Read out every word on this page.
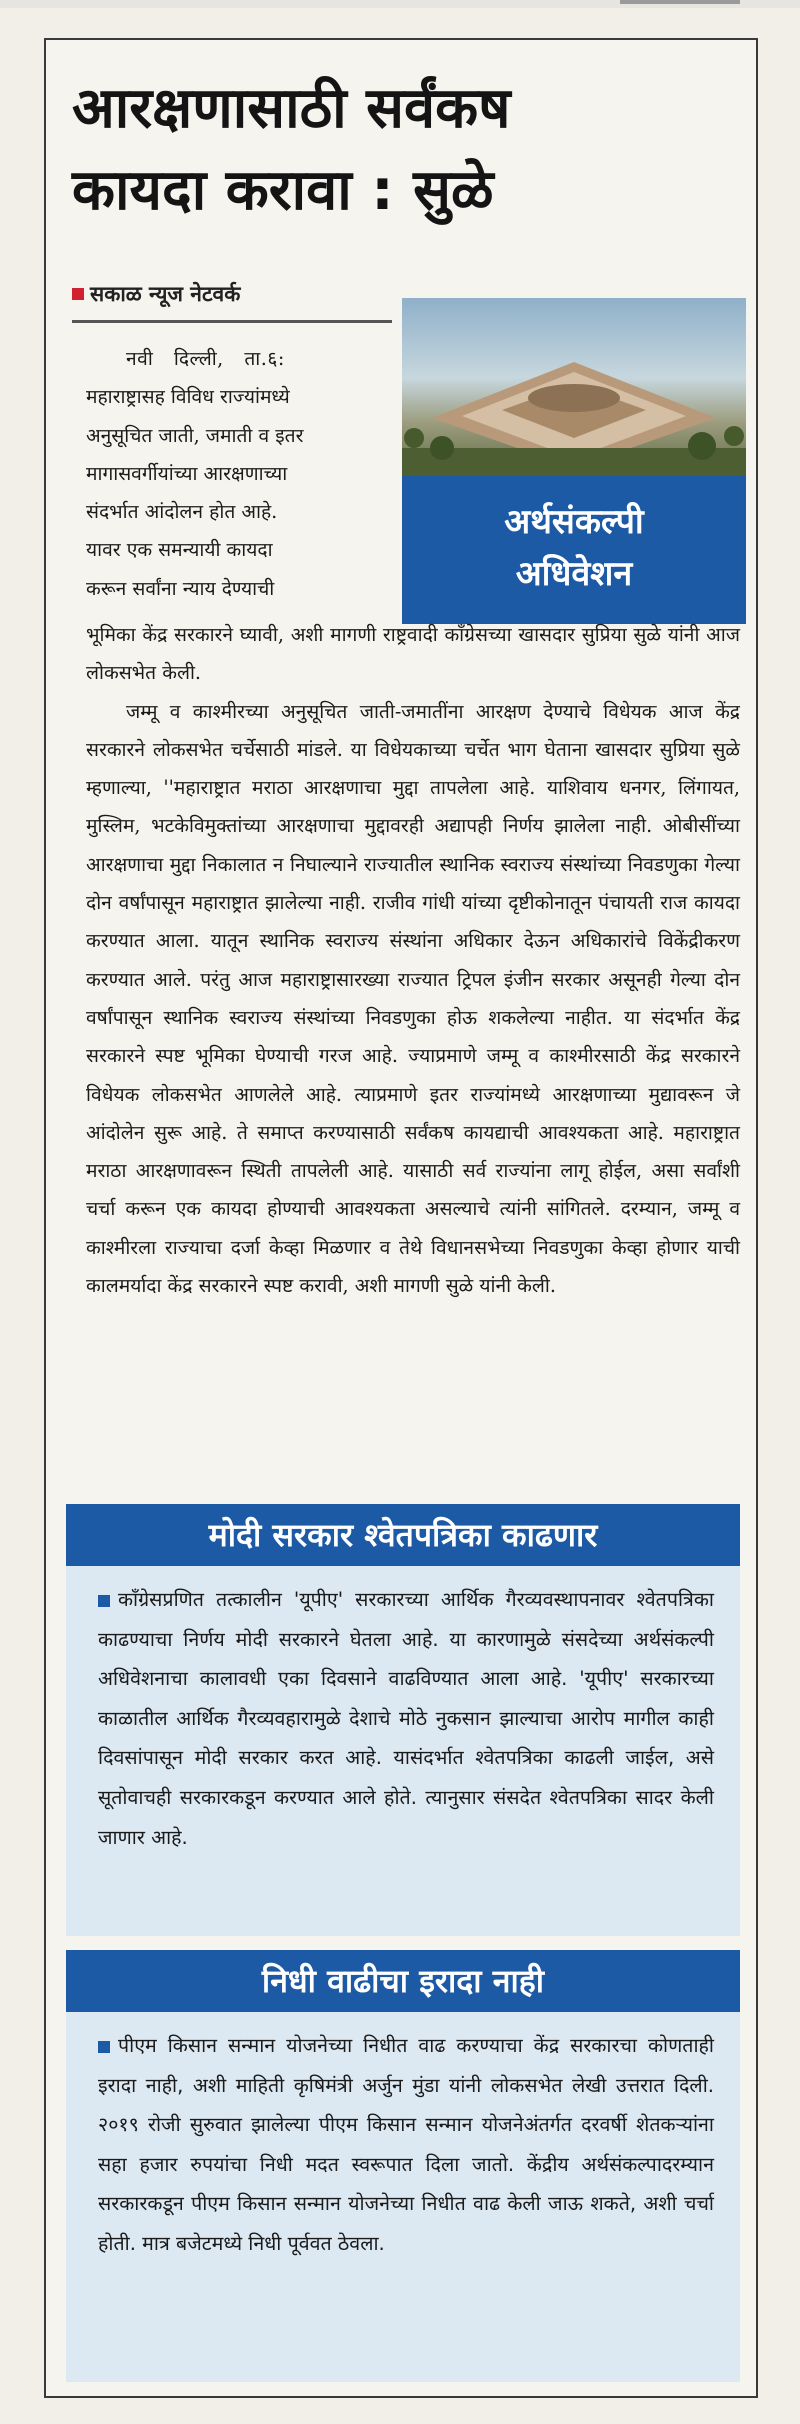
आरक्षणासाठी सर्वंकष
कायदा करावा : सुळे
सकाळ न्यूज नेटवर्क
अर्थसंकल्पी
अधिवेशन
नवी दिल्ली, ता.६:
महाराष्ट्रासह विविध राज्यांमध्ये
अनुसूचित जाती, जमाती व इतर
मागासवर्गीयांच्या आरक्षणाच्या
संदर्भात आंदोलन होत आहे.
यावर एक समन्यायी कायदा
करून सर्वांना न्याय देण्याची

भूमिका केंद्र सरकारने घ्यावी, अशी मागणी राष्ट्रवादी काँग्रेसच्या खासदार सुप्रिया सुळे यांनी आज लोकसभेत केली.

जम्मू व काश्मीरच्या अनुसूचित जाती-जमातींना आरक्षण देण्याचे विधेयक आज केंद्र सरकारने लोकसभेत चर्चेसाठी मांडले. या विधेयकाच्या चर्चेत भाग घेताना खासदार सुप्रिया सुळे म्हणाल्या, ''महाराष्ट्रात मराठा आरक्षणाचा मुद्दा तापलेला आहे. याशिवाय धनगर, लिंगायत, मुस्लिम, भटकेविमुक्तांच्या आरक्षणाचा मुद्दावरही अद्यापही निर्णय झालेला नाही. ओबीसींच्या आरक्षणाचा मुद्दा निकालात न निघाल्याने राज्यातील स्थानिक स्वराज्य संस्थांच्या निवडणुका गेल्या दोन वर्षांपासून महाराष्ट्रात झालेल्या नाही. राजीव गांधी यांच्या दृष्टीकोनातून पंचायती राज कायदा करण्यात आला. यातून स्थानिक स्वराज्य संस्थांना अधिकार देऊन अधिकारांचे विकेंद्रीकरण करण्यात आले. परंतु आज महाराष्ट्रासारख्या राज्यात ट्रिपल इंजीन सरकार असूनही गेल्या दोन वर्षांपासून स्थानिक स्वराज्य संस्थांच्या निवडणुका होऊ शकलेल्या नाहीत. या संदर्भात केंद्र सरकारने स्पष्ट भूमिका घेण्याची गरज आहे. ज्याप्रमाणे जम्मू व काश्मीरसाठी केंद्र सरकारने विधेयक लोकसभेत आणलेले आहे. त्याप्रमाणे इतर राज्यांमध्ये आरक्षणाच्या मुद्यावरून जे आंदोलेन सुरू आहे. ते समाप्त करण्यासाठी सर्वंकष कायद्याची आवश्यकता आहे. महाराष्ट्रात मराठा आरक्षणावरून स्थिती तापलेली आहे. यासाठी सर्व राज्यांना लागू होईल, असा सर्वांशी चर्चा करून एक कायदा होण्याची आवश्यकता असल्याचे त्यांनी सांगितले. दरम्यान, जम्मू व काश्मीरला राज्याचा दर्जा केव्हा मिळणार व तेथे विधानसभेच्या निवडणुका केव्हा होणार याची कालमर्यादा केंद्र सरकारने स्पष्ट करावी, अशी मागणी सुळे यांनी केली.

मोदी सरकार श्वेतपत्रिका काढणार
काँग्रेसप्रणित तत्कालीन 'यूपीए' सरकारच्या आर्थिक गैरव्यवस्थापनावर श्वेतपत्रिका काढण्याचा निर्णय मोदी सरकारने घेतला आहे. या कारणामुळे संसदेच्या अर्थसंकल्पी अधिवेशनाचा कालावधी एका दिवसाने वाढविण्यात आला आहे. 'यूपीए' सरकारच्या काळातील आर्थिक गैरव्यवहारामुळे देशाचे मोठे नुकसान झाल्याचा आरोप मागील काही दिवसांपासून मोदी सरकार करत आहे. यासंदर्भात श्वेतपत्रिका काढली जाईल, असे सूतोवाचही सरकारकडून करण्यात आले होते. त्यानुसार संसदेत श्वेतपत्रिका सादर केली जाणार आहे.
निधी वाढीचा इरादा नाही
पीएम किसान सन्मान योजनेच्या निधीत वाढ करण्याचा केंद्र सरकारचा कोणताही इरादा नाही, अशी माहिती कृषिमंत्री अर्जुन मुंडा यांनी लोकसभेत लेखी उत्तरात दिली. २०१९ रोजी सुरुवात झालेल्या पीएम किसान सन्मान योजनेअंतर्गत दरवर्षी शेतकऱ्यांना सहा हजार रुपयांचा निधी मदत स्वरूपात दिला जातो. केंद्रीय अर्थसंकल्पादरम्यान सरकारकडून पीएम किसान सन्मान योजनेच्या निधीत वाढ केली जाऊ शकते, अशी चर्चा होती. मात्र बजेटमध्ये निधी पूर्ववत ठेवला.
